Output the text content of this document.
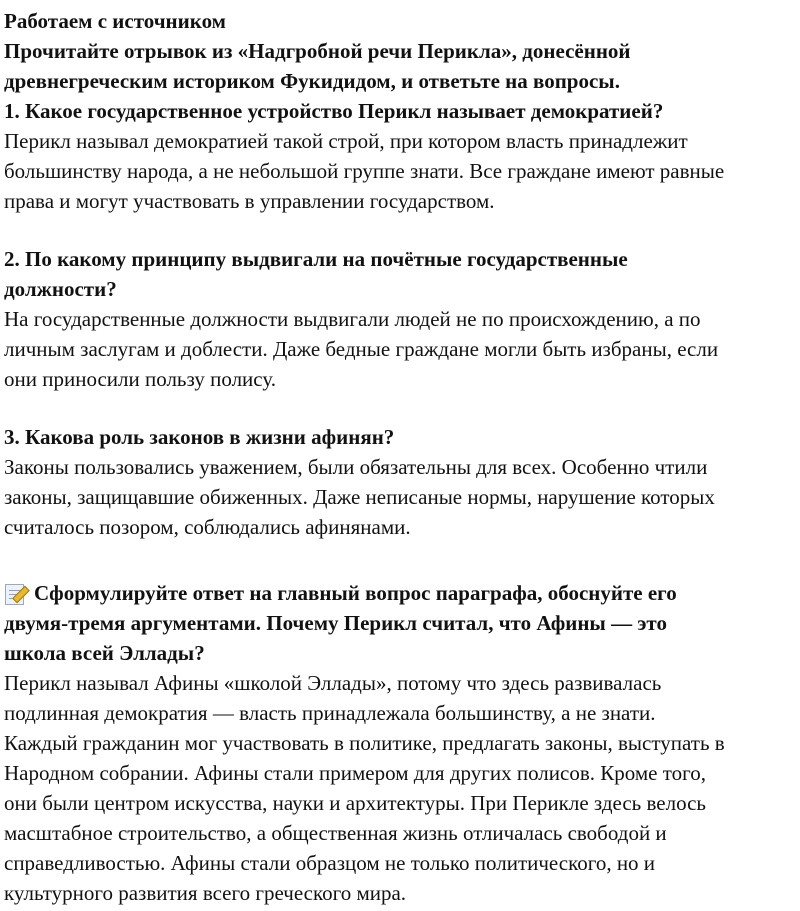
Работаем с источником
Прочитайте отрывок из «Надгробной речи Перикла», донесённой
древнегреческим историком Фукидидом, и ответьте на вопросы.
1. Какое государственное устройство Перикл называет демократией?
Перикл называл демократией такой строй, при котором власть принадлежит
большинству народа, а не небольшой группе знати. Все граждане имеют равные
права и могут участвовать в управлении государством.
2. По какому принципу выдвигали на почётные государственные
должности?
На государственные должности выдвигали людей не по происхождению, а по
личным заслугам и доблести. Даже бедные граждане могли быть избраны, если
они приносили пользу полису.
3. Какова роль законов в жизни афинян?
Законы пользовались уважением, были обязательны для всех. Особенно чтили
законы, защищавшие обиженных. Даже неписаные нормы, нарушение которых
считалось позором, соблюдались афинянами.
Сформулируйте ответ на главный вопрос параграфа, обоснуйте его
двумя-тремя аргументами. Почему Перикл считал, что Афины — это
школа всей Эллады?
Перикл называл Афины «школой Эллады», потому что здесь развивалась
подлинная демократия — власть принадлежала большинству, а не знати.
Каждый гражданин мог участвовать в политике, предлагать законы, выступать в
Народном собрании. Афины стали примером для других полисов. Кроме того,
они были центром искусства, науки и архитектуры. При Перикле здесь велось
масштабное строительство, а общественная жизнь отличалась свободой и
справедливостью. Афины стали образцом не только политического, но и
культурного развития всего греческого мира.
